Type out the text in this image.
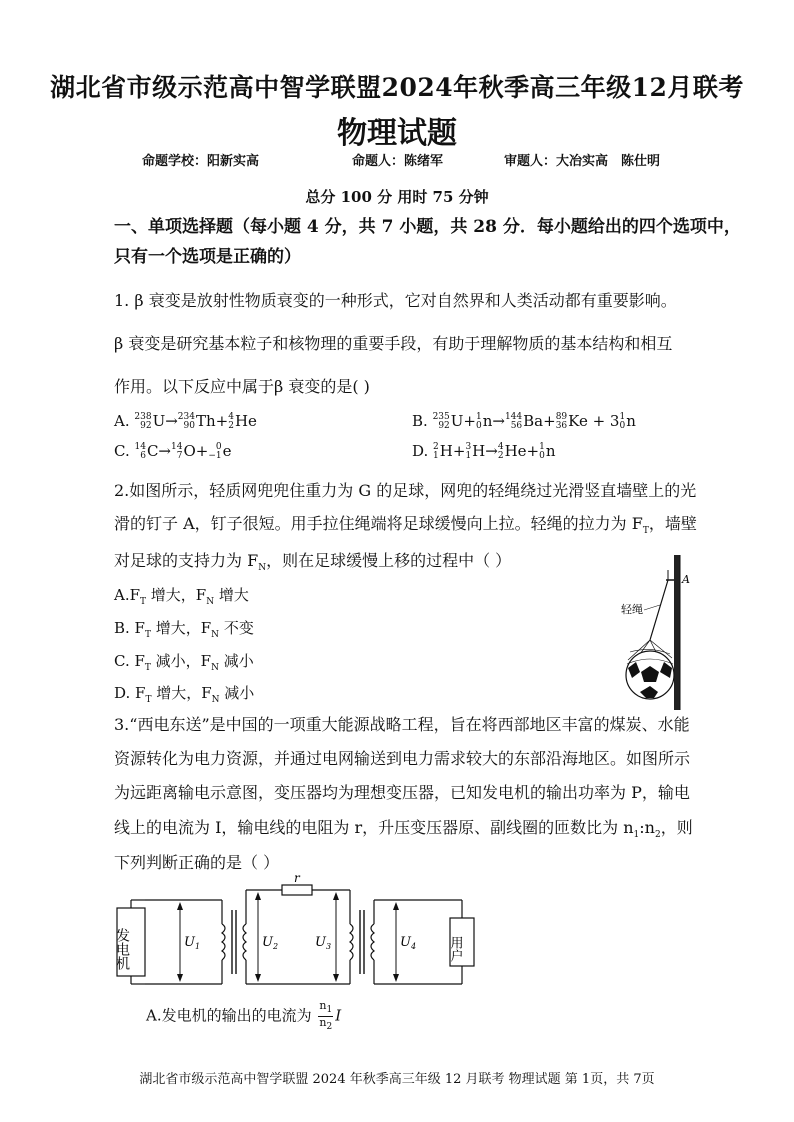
湖北省市级示范高中智学联盟2024年秋季高三年级12月联考
物理试题
命题学校：阳新实高	命题人：陈绪军	审题人：大冶实高　陈仕明
总分 100 分 用时 75 分钟
一、单项选择题（每小题 4 分，共 7 小题，共 28 分．每小题给出的四个选项中，
只有一个选项是正确的）
1. β 衰变是放射性物质衰变的一种形式，它对自然界和人类活动都有重要影响。
β 衰变是研究基本粒子和核物理的重要手段，有助于理解物质的基本结构和相互
作用。以下反应中属于β 衰变的是( )
A. 238
92 U→ 234
90 Th+ 4
2 He	B. 235
92 U+ 1
0 n→ 144
56 Ba+ 89
36 Ke + 3 1
0 n
C. 14
6 C→ 14
7 O+ 0
−1 e	D. 2
1 H+ 3
1 H→ 4
2 He+ 1
0 n
2.如图所示，轻质网兜兜住重力为 G 的足球，网兜的轻绳绕过光滑竖直墙壁上的光
滑的钉子 A，钉子很短。用手拉住绳端将足球缓慢向上拉。轻绳的拉力为 $F_T$，墙壁
对足球的支持力为 $F_N$，则在足球缓慢上移的过程中（ ）
$A.F_T$ 增大，$F_N$ 增大
B. $F_T$ 增大，$F_N$ 不变
C. $F_T$ 减小，$F_N$ 减小
D. $F_T$ 增大，$F_N$ 减小
A
轻绳
3.“西电东送”是中国的一项重大能源战略工程，旨在将西部地区丰富的煤炭、水能
资源转化为电力资源，并通过电网输送到电力需求较大的东部沿海地区。如图所示
为远距离输电示意图，变压器均为理想变压器，已知发电机的输出功率为 P，输电
线上的电流为 I，输电线的电阻为 r，升压变压器原、副线圈的匝数比为 $n_1:n_2$，则
下列判断正确的是（ ）
发电机	$U_1$
r
$U_2$	$U_3$	$U_4$ 用户
A.发电机的输出的电流为 $\frac{n_1}{n_2}$ I
湖北省市级示范高中智学联盟 2024 年秋季高三年级 12 月联考 物理试题 第 1页，共 7页
